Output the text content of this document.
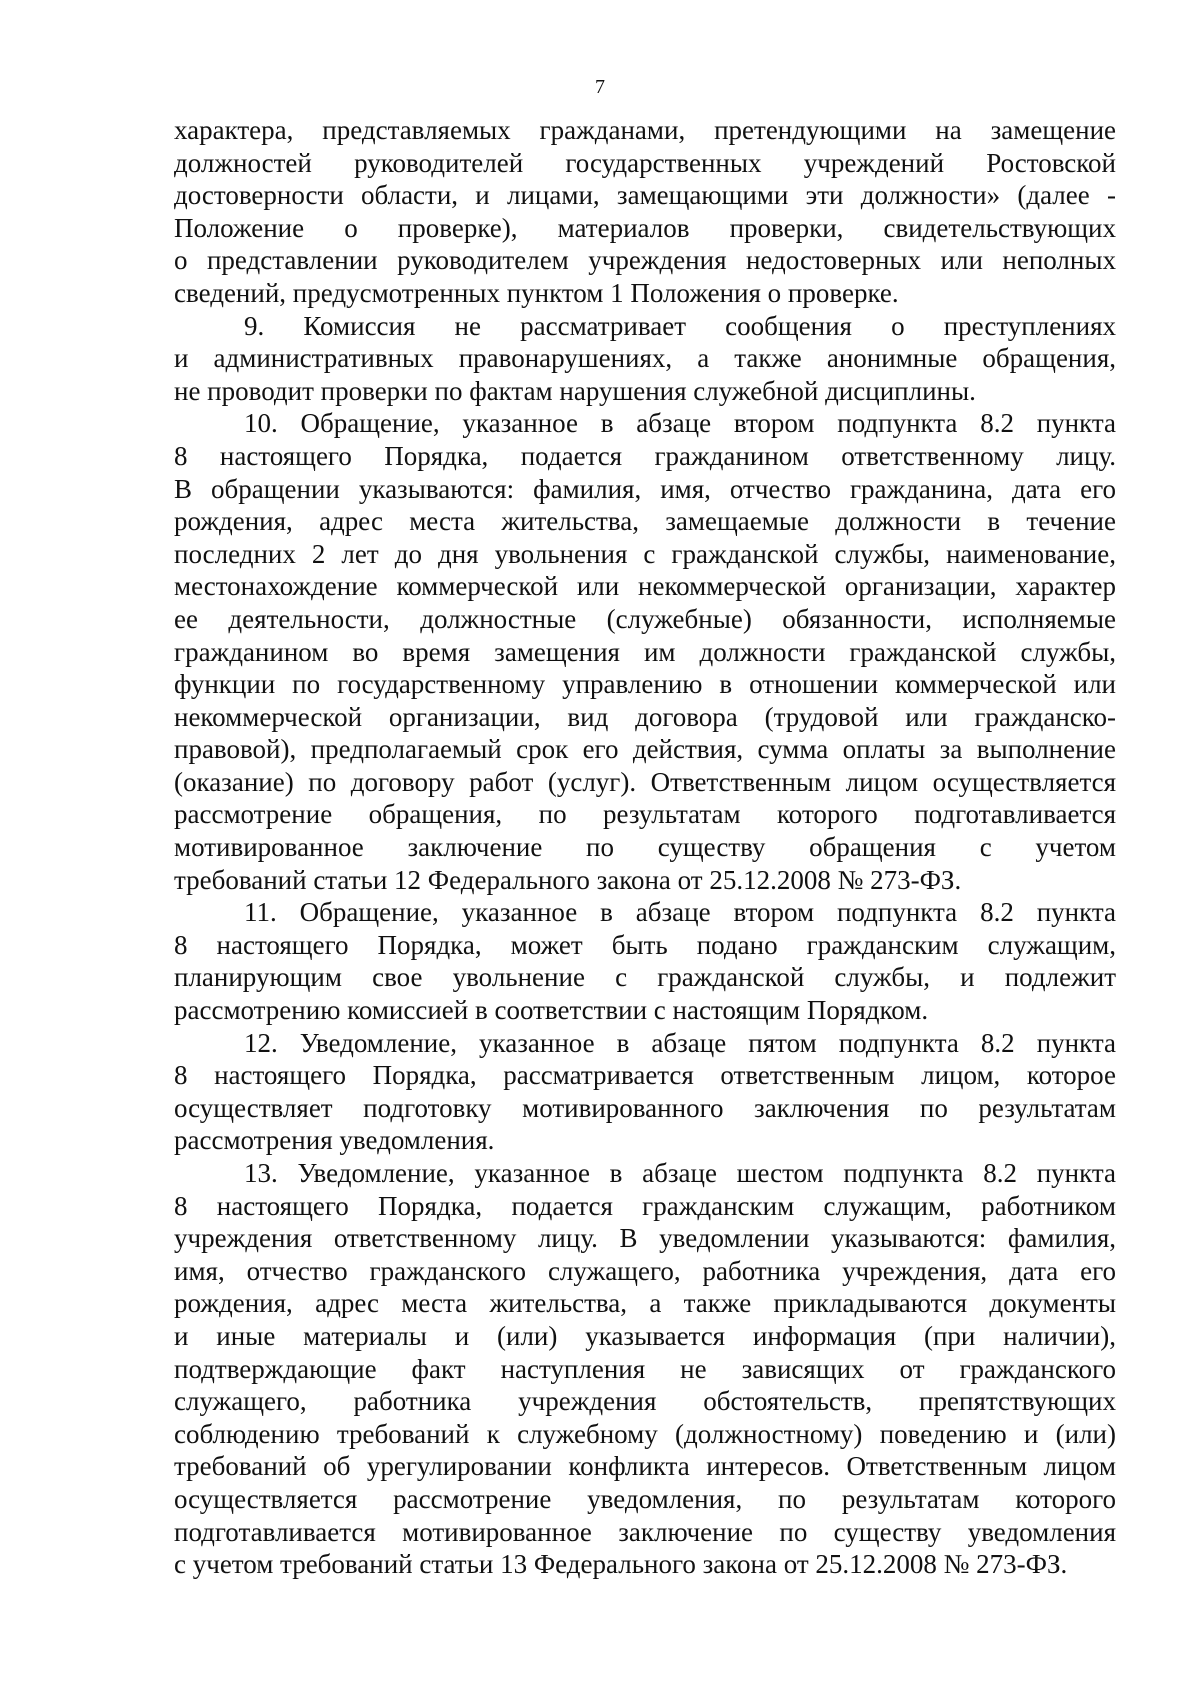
7
характера, представляемых гражданами, претендующими на замещение
должностей руководителей государственных учреждений Ростовской
достоверности области, и лицами, замещающими эти должности» (далее -
Положение о проверке), материалов проверки, свидетельствующих
о представлении руководителем учреждения недостоверных или неполных
сведений, предусмотренных пунктом 1 Положения о проверке.
9. Комиссия не рассматривает сообщения о преступлениях
и административных правонарушениях, а также анонимные обращения,
не проводит проверки по фактам нарушения служебной дисциплины.
10. Обращение, указанное в абзаце втором подпункта 8.2 пункта
8 настоящего Порядка, подается гражданином ответственному лицу.
В обращении указываются: фамилия, имя, отчество гражданина, дата его
рождения, адрес места жительства, замещаемые должности в течение
последних 2 лет до дня увольнения с гражданской службы, наименование,
местонахождение коммерческой или некоммерческой организации, характер
ее деятельности, должностные (служебные) обязанности, исполняемые
гражданином во время замещения им должности гражданской службы,
функции по государственному управлению в отношении коммерческой или
некоммерческой организации, вид договора (трудовой или гражданско-
правовой), предполагаемый срок его действия, сумма оплаты за выполнение
(оказание) по договору работ (услуг). Ответственным лицом осуществляется
рассмотрение обращения, по результатам которого подготавливается
мотивированное заключение по существу обращения с учетом
требований статьи 12 Федерального закона от 25.12.2008 № 273-ФЗ.
11. Обращение, указанное в абзаце втором подпункта 8.2 пункта
8 настоящего Порядка, может быть подано гражданским служащим,
планирующим свое увольнение с гражданской службы, и подлежит
рассмотрению комиссией в соответствии с настоящим Порядком.
12. Уведомление, указанное в абзаце пятом подпункта 8.2 пункта
8 настоящего Порядка, рассматривается ответственным лицом, которое
осуществляет подготовку мотивированного заключения по результатам
рассмотрения уведомления.
13. Уведомление, указанное в абзаце шестом подпункта 8.2 пункта
8 настоящего Порядка, подается гражданским служащим, работником
учреждения ответственному лицу. В уведомлении указываются: фамилия,
имя, отчество гражданского служащего, работника учреждения, дата его
рождения, адрес места жительства, а также прикладываются документы
и иные материалы и (или) указывается информация (при наличии),
подтверждающие факт наступления не зависящих от гражданского
служащего, работника учреждения обстоятельств, препятствующих
соблюдению требований к служебному (должностному) поведению и (или)
требований об урегулировании конфликта интересов. Ответственным лицом
осуществляется рассмотрение уведомления, по результатам которого
подготавливается мотивированное заключение по существу уведомления
с учетом требований статьи 13 Федерального закона от 25.12.2008 № 273-ФЗ.
